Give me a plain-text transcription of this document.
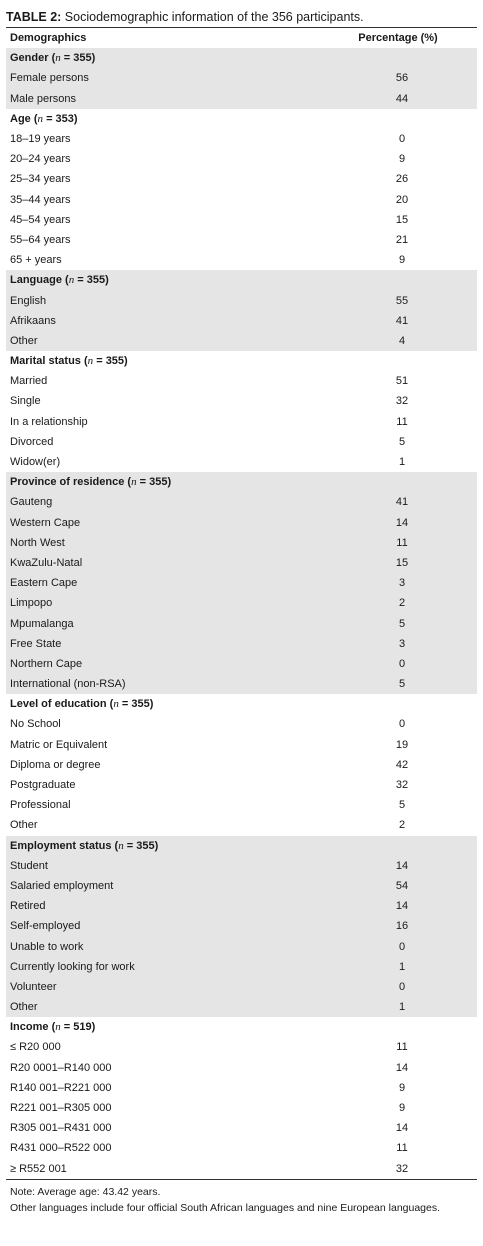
TABLE 2: Sociodemographic information of the 356 participants.
Demographics	Percentage (%)
Gender (n = 355)	
Female persons	56
Male persons	44
Age (n = 353)	
18–19 years	0
20–24 years	9
25–34 years	26
35–44 years	20
45–54 years	15
55–64 years	21
65 + years	9
Language (n = 355)	
English	55
Afrikaans	41
Other	4
Marital status (n = 355)	
Married	51
Single	32
In a relationship	11
Divorced	5
Widow(er)	1
Province of residence (n = 355)	
Gauteng	41
Western Cape	14
North West	11
KwaZulu-Natal	15
Eastern Cape	3
Limpopo	2
Mpumalanga	5
Free State	3
Northern Cape	0
International (non-RSA)	5
Level of education (n = 355)	
No School	0
Matric or Equivalent	19
Diploma or degree	42
Postgraduate	32
Professional	5
Other	2
Employment status (n = 355)	
Student	14
Salaried employment	54
Retired	14
Self-employed	16
Unable to work	0
Currently looking for work	1
Volunteer	0
Other	1
Income (n = 519)	
≤ R20 000	11
R20 0001–R140 000	14
R140 001–R221 000	9
R221 001–R305 000	9
R305 001–R431 000	14
R431 000–R522 000	11
≥ R552 001	32

Note: Average age: 43.42 years.

Other languages include four official South African languages and nine European languages.
